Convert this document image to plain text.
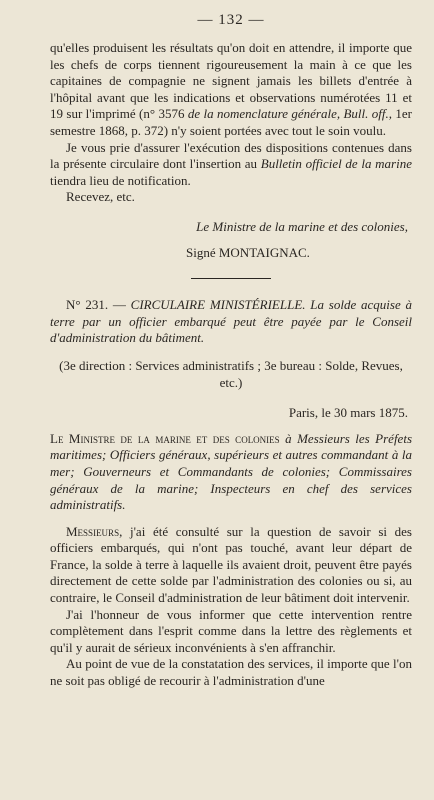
— 132 —

qu'elles produisent les résultats qu'on doit en attendre, il importe que les chefs de corps tiennent rigoureusement la main à ce que les capitaines de compagnie ne signent jamais les billets d'entrée à l'hôpital avant que les indications et observations numérotées 11 et 19 sur l'imprimé (n° 3576 de la nomenclature générale, Bull. off., 1er semestre 1868, p. 372) n'y soient portées avec tout le soin voulu.

Je vous prie d'assurer l'exécution des dispositions contenues dans la présente circulaire dont l'insertion au Bulletin officiel de la marine tiendra lieu de notification.

Recevez, etc.

Le Ministre de la marine et des colonies,
Signé MONTAIGNAC.

N° 231. — CIRCULAIRE MINISTÉRIELLE. La solde acquise à terre par un officier embarqué peut être payée par le Conseil d'administration du bâtiment.

(3e direction : Services administratifs ; 3e bureau : Solde, Revues, etc.)
Paris, le 30 mars 1875.

Le Ministre de la marine et des colonies à Messieurs les Préfets maritimes; Officiers généraux, supérieurs et autres commandant à la mer; Gouverneurs et Commandants de colonies; Commissaires généraux de la marine; Inspecteurs en chef des services administratifs.

Messieurs, j'ai été consulté sur la question de savoir si des officiers embarqués, qui n'ont pas touché, avant leur départ de France, la solde à terre à laquelle ils avaient droit, peuvent être payés directement de cette solde par l'administration des colonies ou si, au contraire, le Conseil d'administration de leur bâtiment doit intervenir.

J'ai l'honneur de vous informer que cette intervention rentre complètement dans l'esprit comme dans la lettre des règlements et qu'il y aurait de sérieux inconvénients à s'en affranchir.

Au point de vue de la constatation des services, il importe que l'on ne soit pas obligé de recourir à l'administration d'une
